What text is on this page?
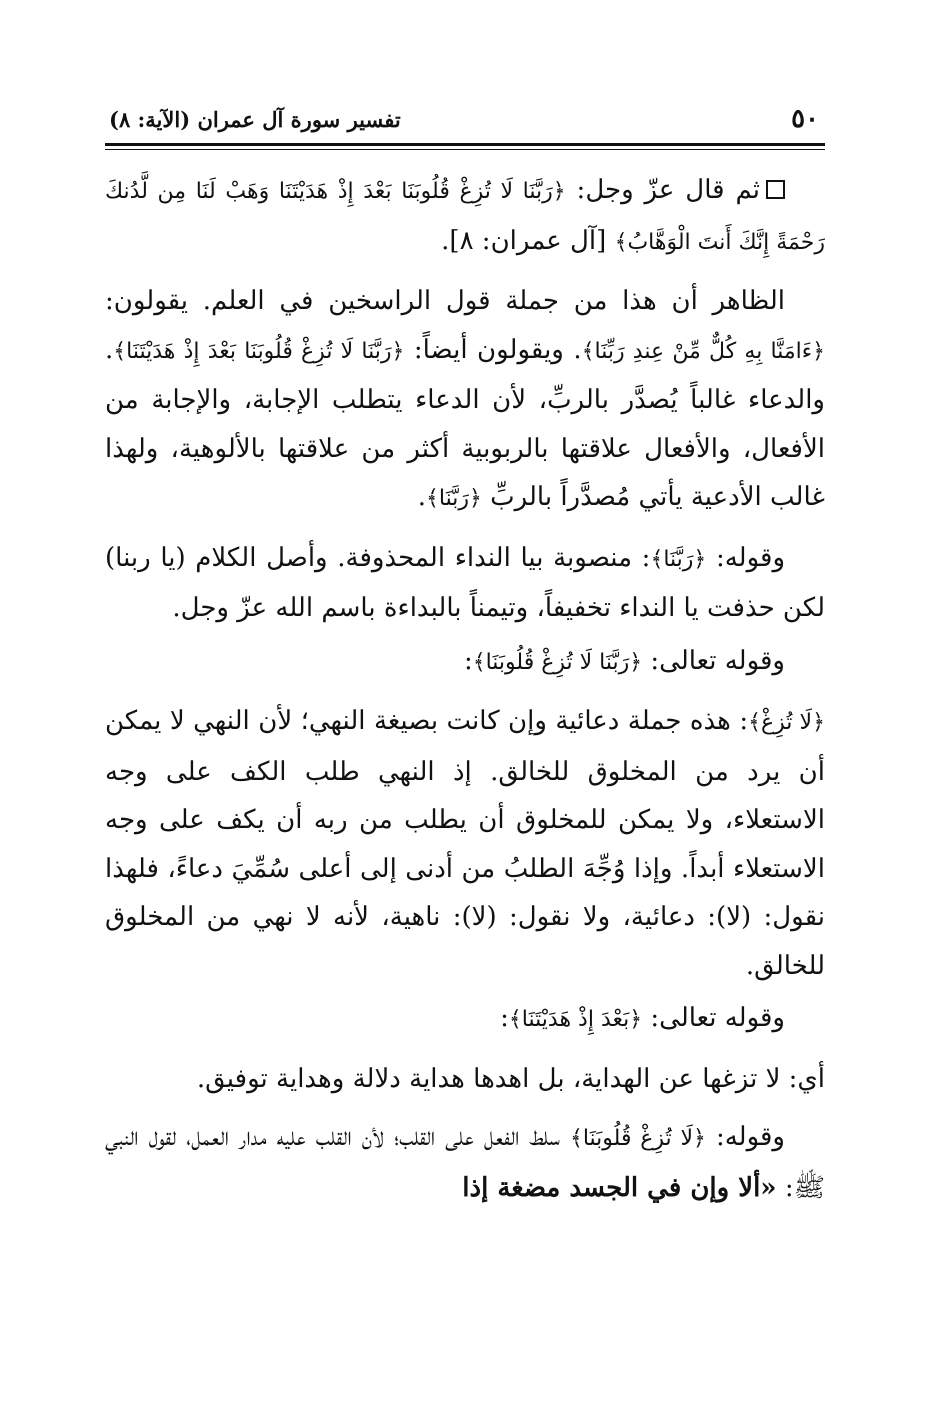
٥٠
تفسير سورة آل عمران (الآية: ٨)

ثم قال عزّ وجل: ﴿رَبَّنَا لَا تُزِغْ قُلُوبَنَا بَعْدَ إِذْ هَدَيْتَنَا وَهَبْ لَنَا مِن لَّدُنكَ رَحْمَةً إِنَّكَ أَنتَ الْوَهَّابُ﴾ [آل عمران: ٨].

الظاهر أن هذا من جملة قول الراسخين في العلم. يقولون: ﴿ءَامَنَّا بِهِ كُلٌّ مِّنْ عِندِ رَبِّنَا﴾. ويقولون أيضاً: ﴿رَبَّنَا لَا تُزِغْ قُلُوبَنَا بَعْدَ إِذْ هَدَيْتَنَا﴾. والدعاء غالباً يُصدَّر بالربِّ، لأن الدعاء يتطلب الإجابة، والإجابة من الأفعال، والأفعال علاقتها بالربوبية أكثر من علاقتها بالألوهية، ولهذا غالب الأدعية يأتي مُصدَّراً بالربِّ ﴿رَبَّنَا﴾.

وقوله: ﴿رَبَّنَا﴾: منصوبة بيا النداء المحذوفة. وأصل الكلام (يا ربنا) لكن حذفت يا النداء تخفيفاً، وتيمناً بالبداءة باسم الله عزّ وجل.

وقوله تعالى: ﴿رَبَّنَا لَا تُزِغْ قُلُوبَنَا﴾:

﴿لَا تُزِغْ﴾: هذه جملة دعائية وإن كانت بصيغة النهي؛ لأن النهي لا يمكن أن يرد من المخلوق للخالق. إذ النهي طلب الكف على وجه الاستعلاء، ولا يمكن للمخلوق أن يطلب من ربه أن يكف على وجه الاستعلاء أبداً. وإذا وُجِّهَ الطلبُ من أدنى إلى أعلى سُمِّيَ دعاءً، فلهذا نقول: (لا): دعائية، ولا نقول: (لا): ناهية، لأنه لا نهي من المخلوق للخالق.

وقوله تعالى: ﴿بَعْدَ إِذْ هَدَيْتَنَا﴾:

أي: لا تزغها عن الهداية، بل اهدها هداية دلالة وهداية توفيق.

وقوله: ﴿لَا تُزِغْ قُلُوبَنَا﴾ سلط الفعل على القلب؛ لأن القلب عليه مدار العمل، لقول النبي ﷺ: «ألا وإن في الجسد مضغة إذا
